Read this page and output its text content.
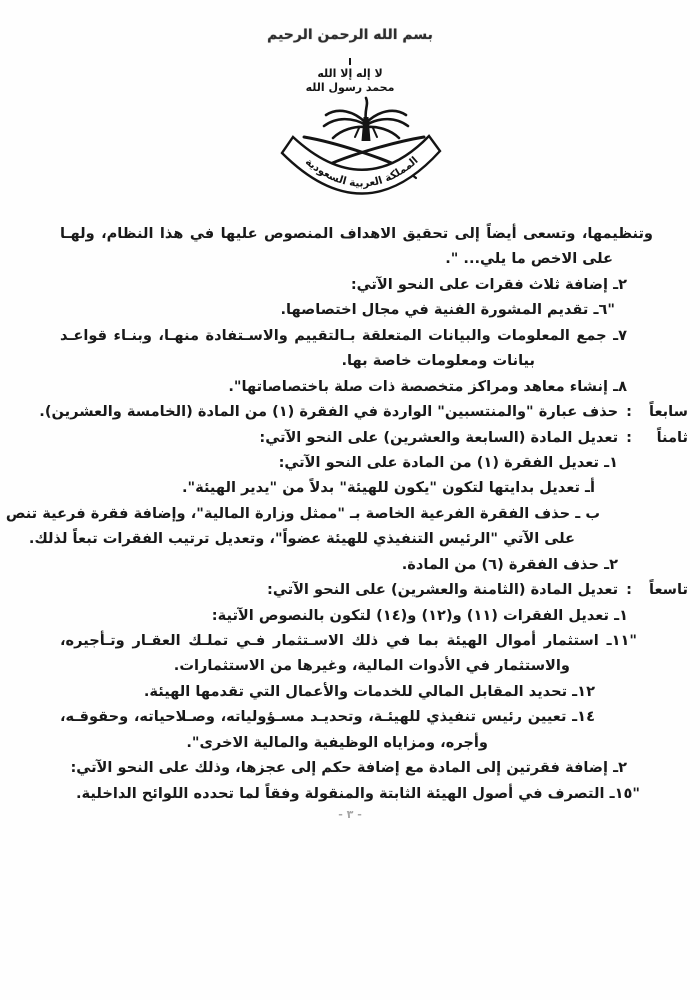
بسم الله الرحمن الرحيم
لا إله إلا الله
محمد رسول الله
المملكة العربية السعودية
وتنظيمها، وتسعى أيضاً إلى تحقيق الاهداف المنصوص عليها في هذا النظام، ولهـا
على الاخص ما يلي... ".
٢ـ إضافة ثلاث فقرات على النحو الآتي:
"٦ـ تقديم المشورة الفنية في مجال اختصاصها.
٧ـ جمع المعلومات والبيانات المتعلقة بـالتقييم والاسـتفادة منهـا، وبنـاء قواعـد
بيانات ومعلومات خاصة بها.
٨ـ إنشاء معاهد ومراكز متخصصة ذات صلة باختصاصاتها".
سابعاً:حذف عبارة "والمنتسبين" الواردة في الفقرة (١) من المادة (الخامسة والعشرين).
ثامناً:تعديل المادة (السابعة والعشرين) على النحو الآتي:
١ـ تعديل الفقرة (١) من المادة على النحو الآتي:
أـ تعديل بدايتها لتكون "يكون للهيئة" بدلاً من "يدير الهيئة".
ب ـ حذف الفقرة الفرعية الخاصة بـ "ممثل وزارة المالية"، وإضافة فقرة فرعية تنص
على الآتي "الرئيس التنفيذي للهيئة عضواً"، وتعديل ترتيب الفقرات تبعاً لذلك.
٢ـ حذف الفقرة (٦) من المادة.
تاسعاً:تعديل المادة (الثامنة والعشرين) على النحو الآتي:
١ـ تعديل الفقرات (١١) و(١٢) و(١٤) لتكون بالنصوص الآتية:
"١١ـ استثمار أموال الهيئة بما في ذلك الاسـتثمار فـي تملـك العقـار وتـأجيره،
والاستثمار في الأدوات المالية، وغيرها من الاستثمارات.
١٢ـ تحديد المقابل المالي للخدمات والأعمال التي تقدمها الهيئة.
١٤ـ تعيين رئيس تنفيذي للهيئـة، وتحديـد مسـؤولياته، وصـلاحياته، وحقوقـه،
وأجره، ومزاياه الوظيفية والمالية الاخرى".
٢ـ إضافة فقرتين إلى المادة مع إضافة حكم إلى عجزها، وذلك على النحو الآتي:
"١٥ـ التصرف في أصول الهيئة الثابتة والمنقولة وفقاً لما تحدده اللوائح الداخلية.
- ٣ -
